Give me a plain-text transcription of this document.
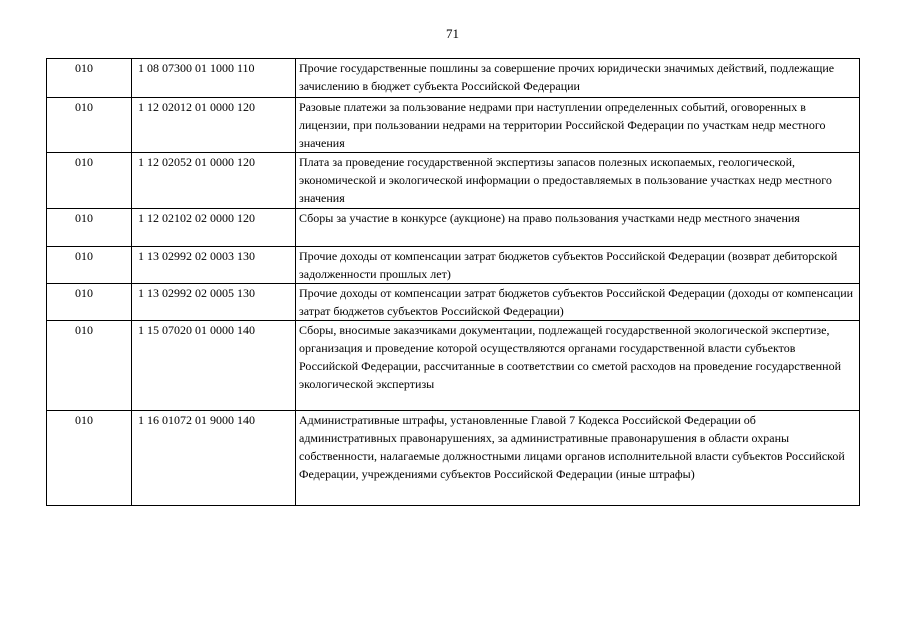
71
010	1 08 07300 01 1000 110	Прочие государственные пошлины за совершение прочих юридически значимых действий, подлежащие зачислению в бюджет субъекта Российской Федерации
010	1 12 02012 01 0000 120	Разовые платежи за пользование недрами при наступлении определенных событий, оговоренных в лицензии, при пользовании недрами на территории Российской Федерации по участкам недр местного значения
010	1 12 02052 01 0000 120	Плата за проведение государственной экспертизы запасов полезных ископаемых, геологической, экономической и экологической информации о предоставляемых в пользование участках недр местного значения
010	1 12 02102 02 0000 120	Сборы за участие в конкурсе (аукционе) на право пользования участками недр местного значения
010	1 13 02992 02 0003 130	Прочие доходы от компенсации затрат бюджетов субъектов Российской Федерации (возврат дебиторской задолженности прошлых лет)
010	1 13 02992 02 0005 130	Прочие доходы от компенсации затрат бюджетов субъектов Российской Федерации (доходы от компенсации затрат бюджетов субъектов Российской Федерации)
010	1 15 07020 01 0000 140	Сборы, вносимые заказчиками документации, подлежащей государственной экологической экспертизе, организация и проведение которой осуществляются органами государственной власти субъектов Российской Федерации, рассчитанные в соответствии со сметой расходов на проведение государственной экологической экспертизы
010	1 16 01072 01 9000 140	Административные штрафы, установленные Главой 7 Кодекса Российской Федерации об административных правонарушениях, за административные правонарушения в области охраны собственности, налагаемые должностными лицами органов исполнительной власти субъектов Российской Федерации, учреждениями субъектов Российской Федерации (иные штрафы)
